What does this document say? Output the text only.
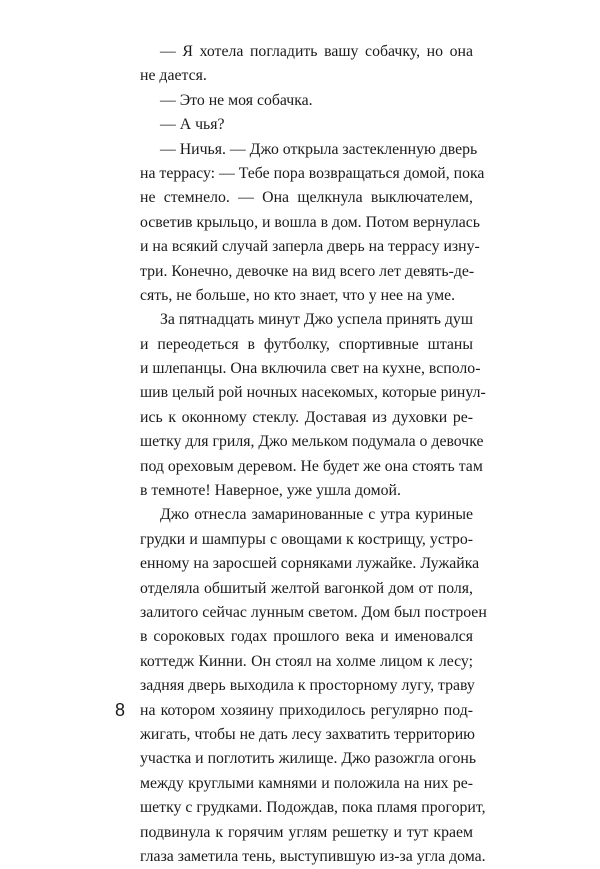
— Я хотела погладить вашу собачку, но она
не дается.
— Это не моя собачка.
— А чья?
— Ничья. — Джо открыла застекленную дверь
на террасу: — Тебе пора возвращаться домой, пока
не стемнело. — Она щелкнула выключателем,
осветив крыльцо, и вошла в дом. Потом вернулась
и на всякий случай заперла дверь на террасу изну-
три. Конечно, девочке на вид всего лет девять-де-
сять, не больше, но кто знает, что у нее на уме.
За пятнадцать минут Джо успела принять душ
и переодеться в футболку, спортивные штаны
и шлепанцы. Она включила свет на кухне, всполо-
шив целый рой ночных насекомых, которые ринул-
ись к оконному стеклу. Доставая из духовки ре-
шетку для гриля, Джо мельком подумала о девочке
под ореховым деревом. Не будет же она стоять там
в темноте! Наверное, уже ушла домой.
Джо отнесла замаринованные с утра куриные
грудки и шампуры с овощами к кострищу, устро-
енному на заросшей сорняками лужайке. Лужайка
отделяла обшитый желтой вагонкой дом от поля,
залитого сейчас лунным светом. Дом был построен
в сороковых годах прошлого века и именовался
коттедж Кинни. Он стоял на холме лицом к лесу;
задняя дверь выходила к просторному лугу, траву
на котором хозяину приходилось регулярно под-
жигать, чтобы не дать лесу захватить территорию
участка и поглотить жилище. Джо разожгла огонь
между круглыми камнями и положила на них ре-
шетку с грудками. Подождав, пока пламя прогорит,
подвинула к горячим углям решетку и тут краем
глаза заметила тень, выступившую из-за угла дома.
8
